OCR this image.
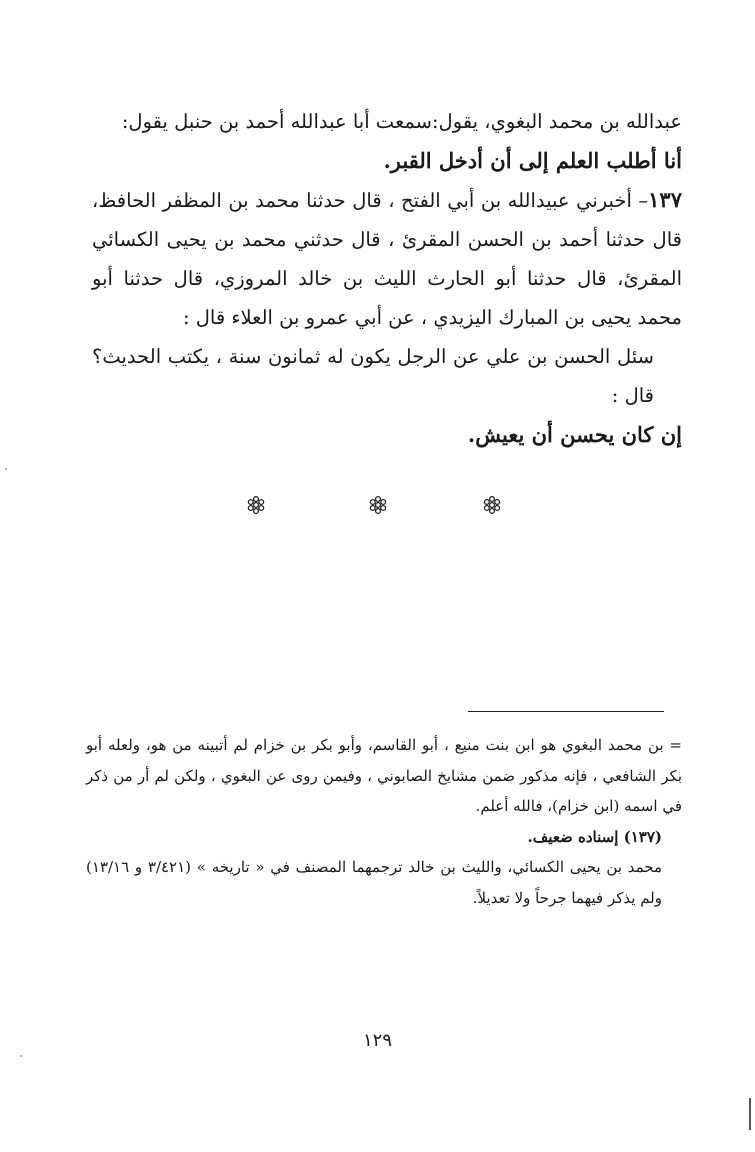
عبدالله بن محمد البغوي، يقول:سمعت أبا عبدالله أحمد بن حنبل يقول:

أنا أطلب العلم إلى أن أدخل القبر.

١٣٧– أخبرني عبيدالله بن أبي الفتح ، قال حدثنا محمد بن المظفر الحافظ، قال حدثنا أحمد بن الحسن المقرئ ، قال حدثني محمد بن يحيى الكسائي المقرئ، قال حدثنا أبو الحارث الليث بن خالد المروزي، قال حدثنا أبو محمد يحيى بن المبارك اليزيدي ، عن أبي عمرو بن العلاء قال :

سئل الحسن بن علي عن الرجل يكون له ثمانون سنة ، يكتب الحديث؟ قال :

إن كان يحسن أن يعيش.

= بن محمد البغوي هو ابن بنت منيع ، أبو القاسم، وأبو بكر بن خزام لم أتبينه من هو، ولعله أبو بكر الشافعي ، فإنه مذكور ضمن مشايخ الصابوني ، وفيمن روى عن البغوي ، ولكن لم أر من ذكر في اسمه (ابن خزام)، فالله أعلم.

(١٣٧) إسناده ضعيف.

محمد بن يحيى الكسائي، والليث بن خالد ترجمهما المصنف في « تاريخه » (٣/٤٢١ و ١٣/١٦) ولم يذكر فيهما جرحاً ولا تعديلاً.

١٢٩
